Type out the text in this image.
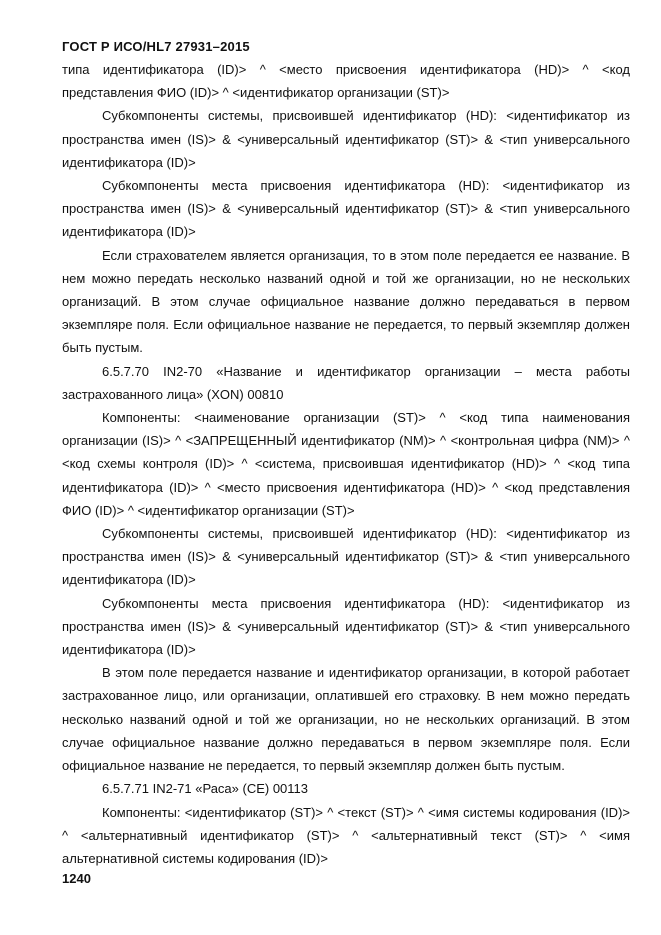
ГОСТ Р ИСО/HL7 27931–2015

типа идентификатора (ID)> ^ <место присвоения идентификатора (HD)> ^ <код представления ФИО (ID)> ^ <идентификатор организации (ST)>

Субкомпоненты системы, присвоившей идентификатор (HD): <идентификатор из пространства имен (IS)> & <универсальный идентификатор (ST)> & <тип универсального идентификатора (ID)>

Субкомпоненты места присвоения идентификатора (HD): <идентификатор из пространства имен (IS)> & <универсальный идентификатор (ST)> & <тип универсального идентификатора (ID)>

Если страхователем является организация, то в этом поле передается ее название. В нем можно передать несколько названий одной и той же организации, но не нескольких организаций. В этом случае официальное название должно передаваться в первом экземпляре поля. Если официальное название не передается, то первый экземпляр должен быть пустым.

6.5.7.70 IN2-70 «Название и идентификатор организации – места работы застрахованного лица» (XON) 00810

Компоненты: <наименование организации (ST)> ^ <код типа наименования организации (IS)> ^ <ЗАПРЕЩЕННЫЙ идентификатор (NM)> ^ <контрольная цифра (NM)> ^ <код схемы контроля (ID)> ^ <система, присвоившая идентификатор (HD)> ^ <код типа идентификатора (ID)> ^ <место присвоения идентификатора (HD)> ^ <код представления ФИО (ID)> ^ <идентификатор организации (ST)>

Субкомпоненты системы, присвоившей идентификатор (HD): <идентификатор из пространства имен (IS)> & <универсальный идентификатор (ST)> & <тип универсального идентификатора (ID)>

Субкомпоненты места присвоения идентификатора (HD): <идентификатор из пространства имен (IS)> & <универсальный идентификатор (ST)> & <тип универсального идентификатора (ID)>

В этом поле передается название и идентификатор организации, в которой работает застрахованное лицо, или организации, оплатившей его страховку. В нем можно передать несколько названий одной и той же организации, но не нескольких организаций. В этом случае официальное название должно передаваться в первом экземпляре поля. Если официальное название не передается, то первый экземпляр должен быть пустым.

6.5.7.71 IN2-71 «Раса» (CE) 00113

Компоненты: <идентификатор (ST)> ^ <текст (ST)> ^ <имя системы кодирования (ID)> ^ <альтернативный идентификатор (ST)> ^ <альтернативный текст (ST)> ^ <имя альтернативной системы кодирования (ID)>

1240
